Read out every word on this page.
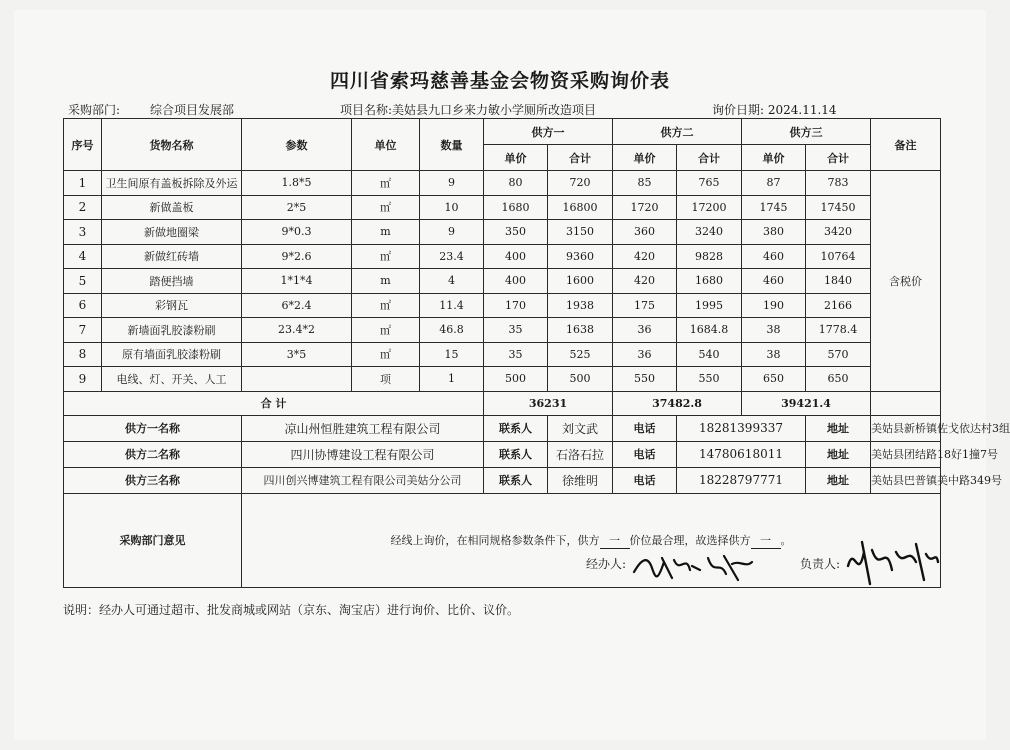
四川省索玛慈善基金会物资采购询价表
采购部门: 综合项目发展部	项目名称:美姑县九口乡来力敏小学厕所改造项目	询价日期: 2024.11.14
序号	货物名称	参数	单位	数量	供方一		供方二		供方三		备注
					单价	合计	单价	合计	单价	合计	
1	卫生间原有盖板拆除及外运	1.8*5	㎡	9	80	720	85	765	87	783	含税价
2	新做盖板	2*5	㎡	10	1680	16800	1720	17200	1745	17450	
3	新做地圈梁	9*0.3	m	9	350	3150	360	3240	380	3420	
4	新做红砖墙	9*2.6	㎡	23.4	400	9360	420	9828	460	10764	
5	踏便挡墙	1*1*4	m	4	400	1600	420	1680	460	1840	
6	彩钢瓦	6*2.4	㎡	11.4	170	1938	175	1995	190	2166	
7	新墙面乳胶漆粉刷	23.4*2	㎡	46.8	35	1638	36	1684.8	38	1778.4	
8	原有墙面乳胶漆粉刷	3*5	㎡	15	35	525	36	540	38	570	
9	电线、灯、开关、人工		项	1	500	500	550	550	650	650	
合 计					36231		37482.8		39421.4		
供方一名称		凉山州恒胜建筑工程有限公司			联系人	刘文武	电话	18281399337		地址	美姑县新桥镇佐戈依达村3组
供方二名称		四川协博建设工程有限公司			联系人	石洛石拉	电话	14780618011		地址	美姑县团结路18好1撞7号
供方三名称		四川创兴博建筑工程有限公司美姑分公司			联系人	徐维明	电话	18228797771		地址	美姑县巴普镇美中路349号
采购部门意见		经线上询价，在相同规格参数条件下，供方 一 价位最合理，故选择供方 一 。									
经办人:	负责人:
说明：经办人可通过超市、批发商城或网站（京东、淘宝店）进行询价、比价、议价。
